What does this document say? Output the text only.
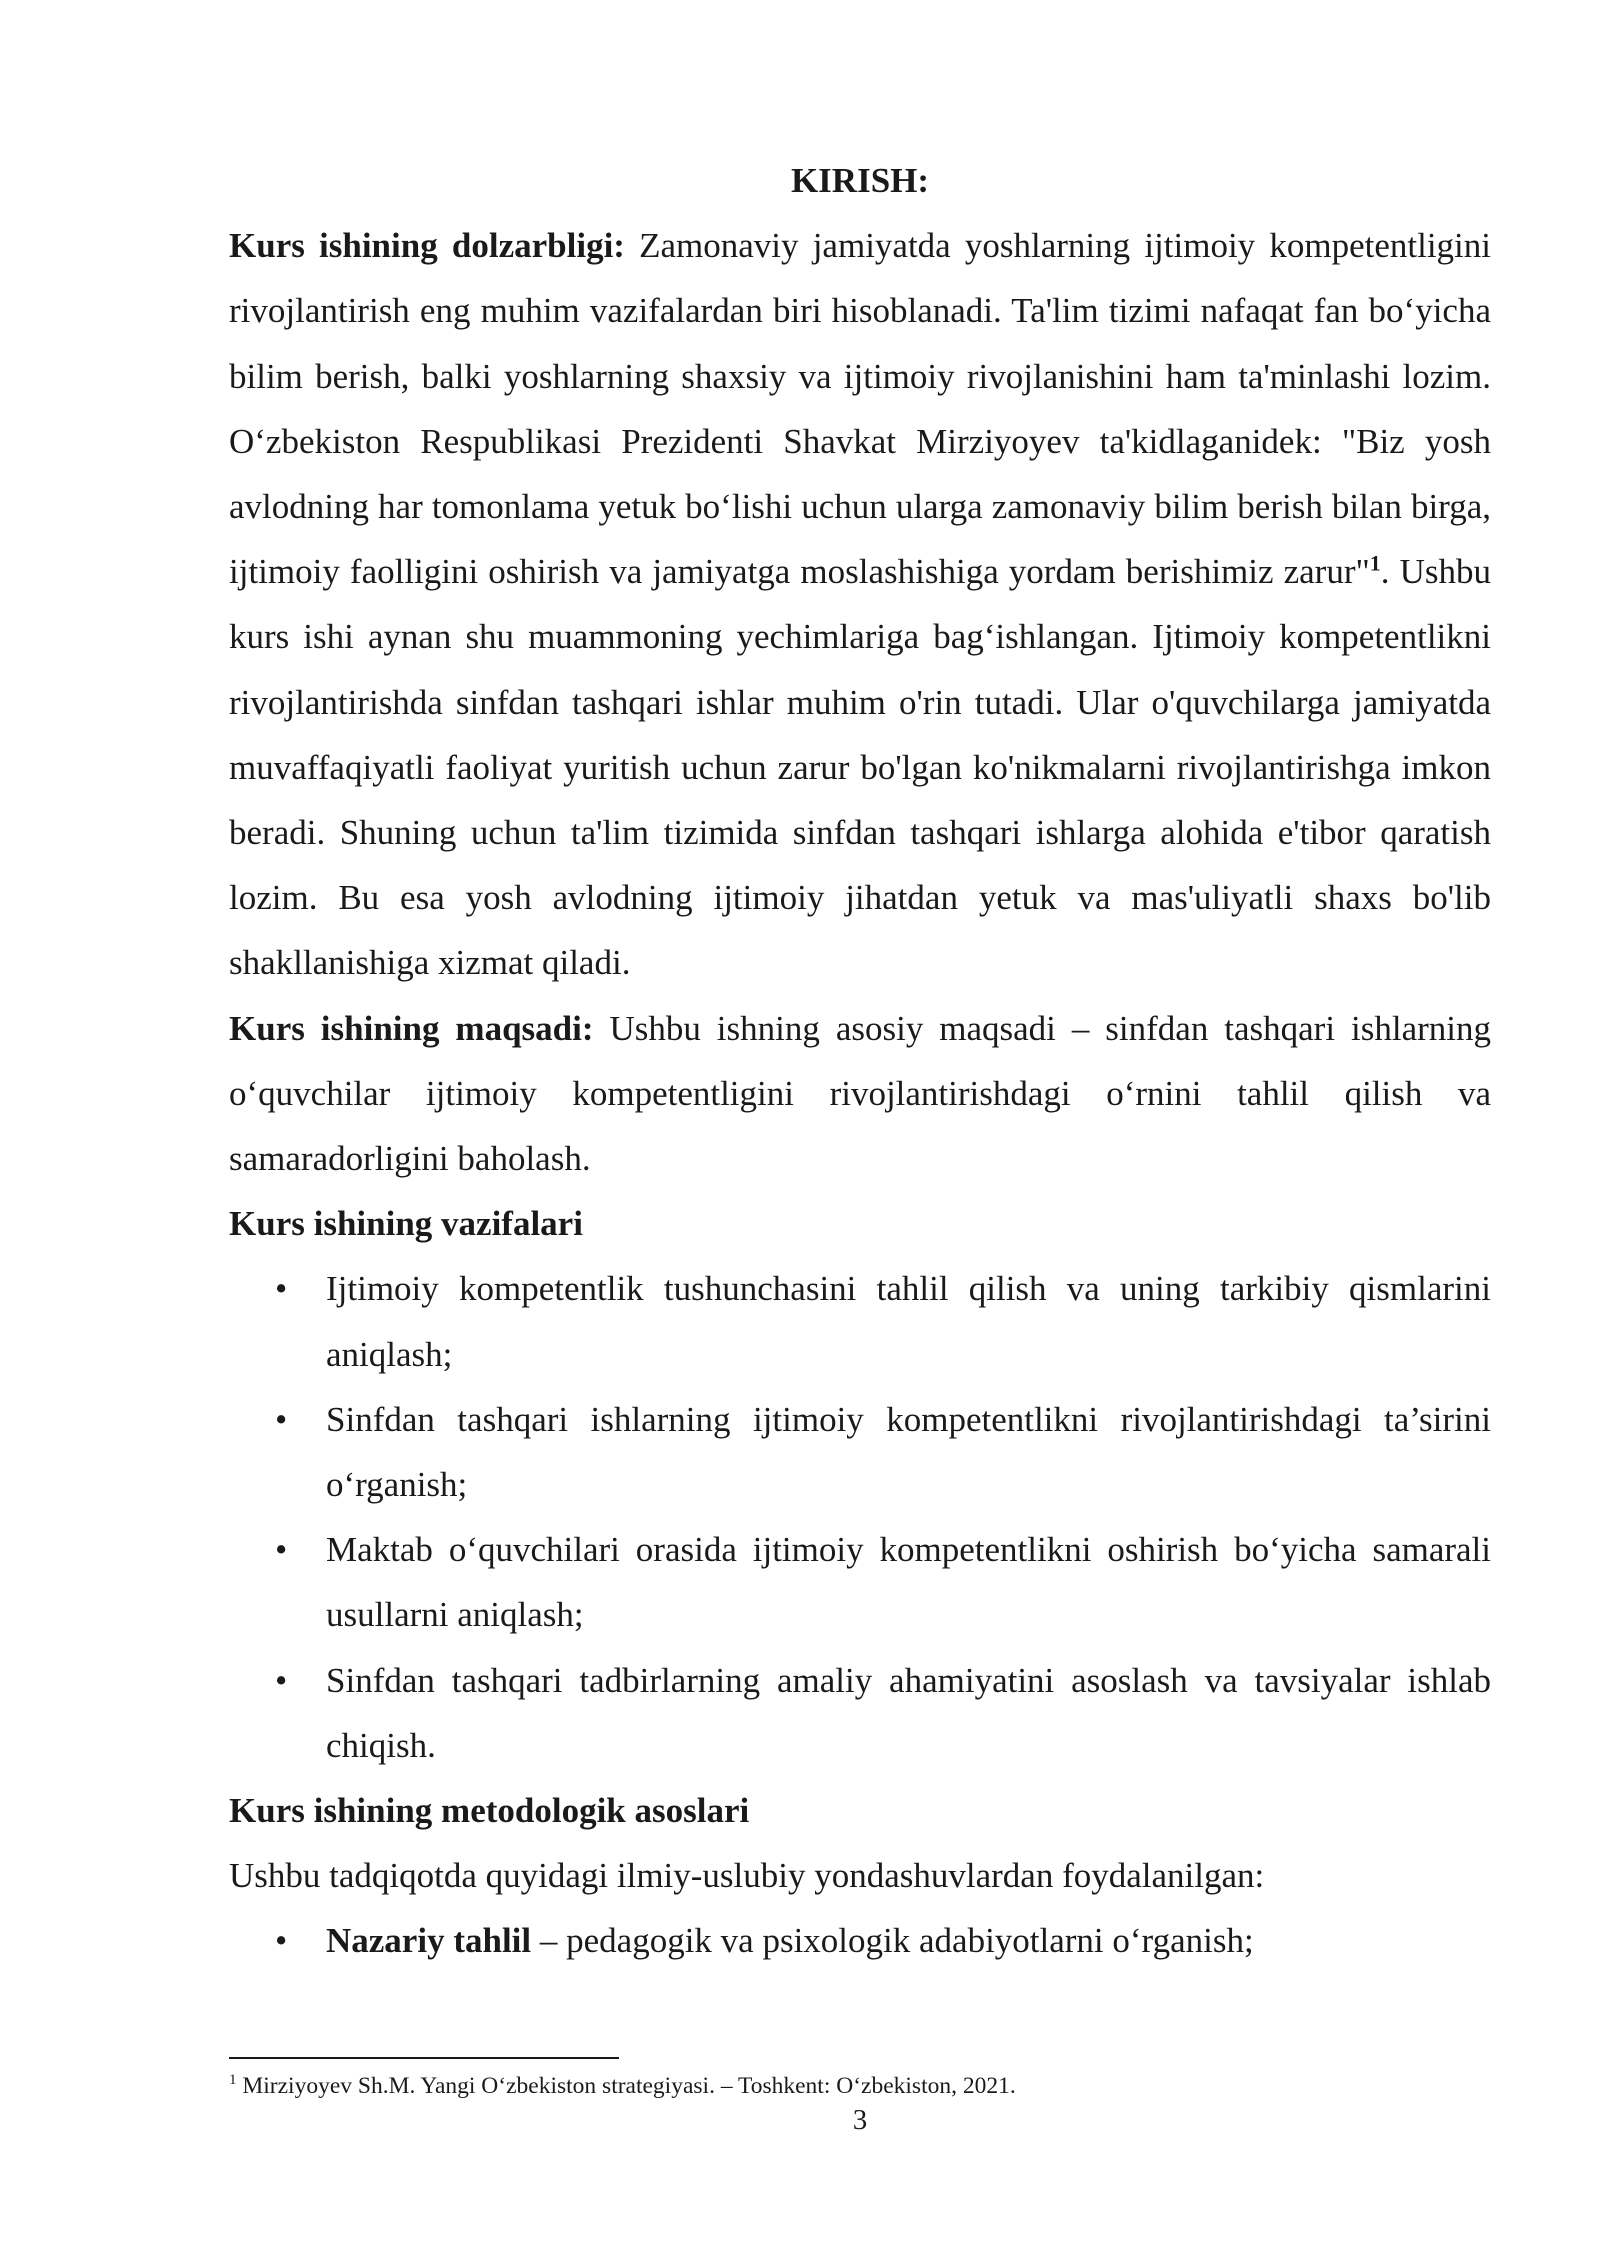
KIRISH:

Kurs ishining dolzarbligi: Zamonaviy jamiyatda yoshlarning ijtimoiy kompetentligini rivojlantirish eng muhim vazifalardan biri hisoblanadi. Ta'lim tizimi nafaqat fan bo‘yicha bilim berish, balki yoshlarning shaxsiy va ijtimoiy rivojlanishini ham ta'minlashi lozim. O‘zbekiston Respublikasi Prezidenti Shavkat Mirziyoyev ta'kidlaganidek: "Biz yosh avlodning har tomonlama yetuk bo‘lishi uchun ularga zamonaviy bilim berish bilan birga, ijtimoiy faolligini oshirish va jamiyatga moslashishiga yordam berishimiz zarur"$^1$. Ushbu kurs ishi aynan shu muammoning yechimlariga bag‘ishlangan. Ijtimoiy kompetentlikni rivojlantirishda sinfdan tashqari ishlar muhim o'rin tutadi. Ular o'quvchilarga jamiyatda muvaffaqiyatli faoliyat yuritish uchun zarur bo'lgan ko'nikmalarni rivojlantirishga imkon beradi. Shuning uchun ta'lim tizimida sinfdan tashqari ishlarga alohida e'tibor qaratish lozim. Bu esa yosh avlodning ijtimoiy jihatdan yetuk va mas'uliyatli shaxs bo'lib shakllanishiga xizmat qiladi.

Kurs ishining maqsadi: Ushbu ishning asosiy maqsadi – sinfdan tashqari ishlarning o‘quvchilar ijtimoiy kompetentligini rivojlantirishdagi o‘rnini tahlil qilish va samaradorligini baholash.

Kurs ishining vazifalari

• Ijtimoiy kompetentlik tushunchasini tahlil qilish va uning tarkibiy qismlarini aniqlash;
• Sinfdan tashqari ishlarning ijtimoiy kompetentlikni rivojlantirishdagi ta’sirini o‘rganish;
• Maktab o‘quvchilari orasida ijtimoiy kompetentlikni oshirish bo‘yicha samarali usullarni aniqlash;
• Sinfdan tashqari tadbirlarning amaliy ahamiyatini asoslash va tavsiyalar ishlab chiqish.

Kurs ishining metodologik asoslari

Ushbu tadqiqotda quyidagi ilmiy-uslubiy yondashuvlardan foydalanilgan:

• Nazariy tahlil – pedagogik va psixologik adabiyotlarni o‘rganish;
$^1$ Mirziyoyev Sh.M. Yangi O‘zbekiston strategiyasi. – Toshkent: O‘zbekiston, 2021.
3
